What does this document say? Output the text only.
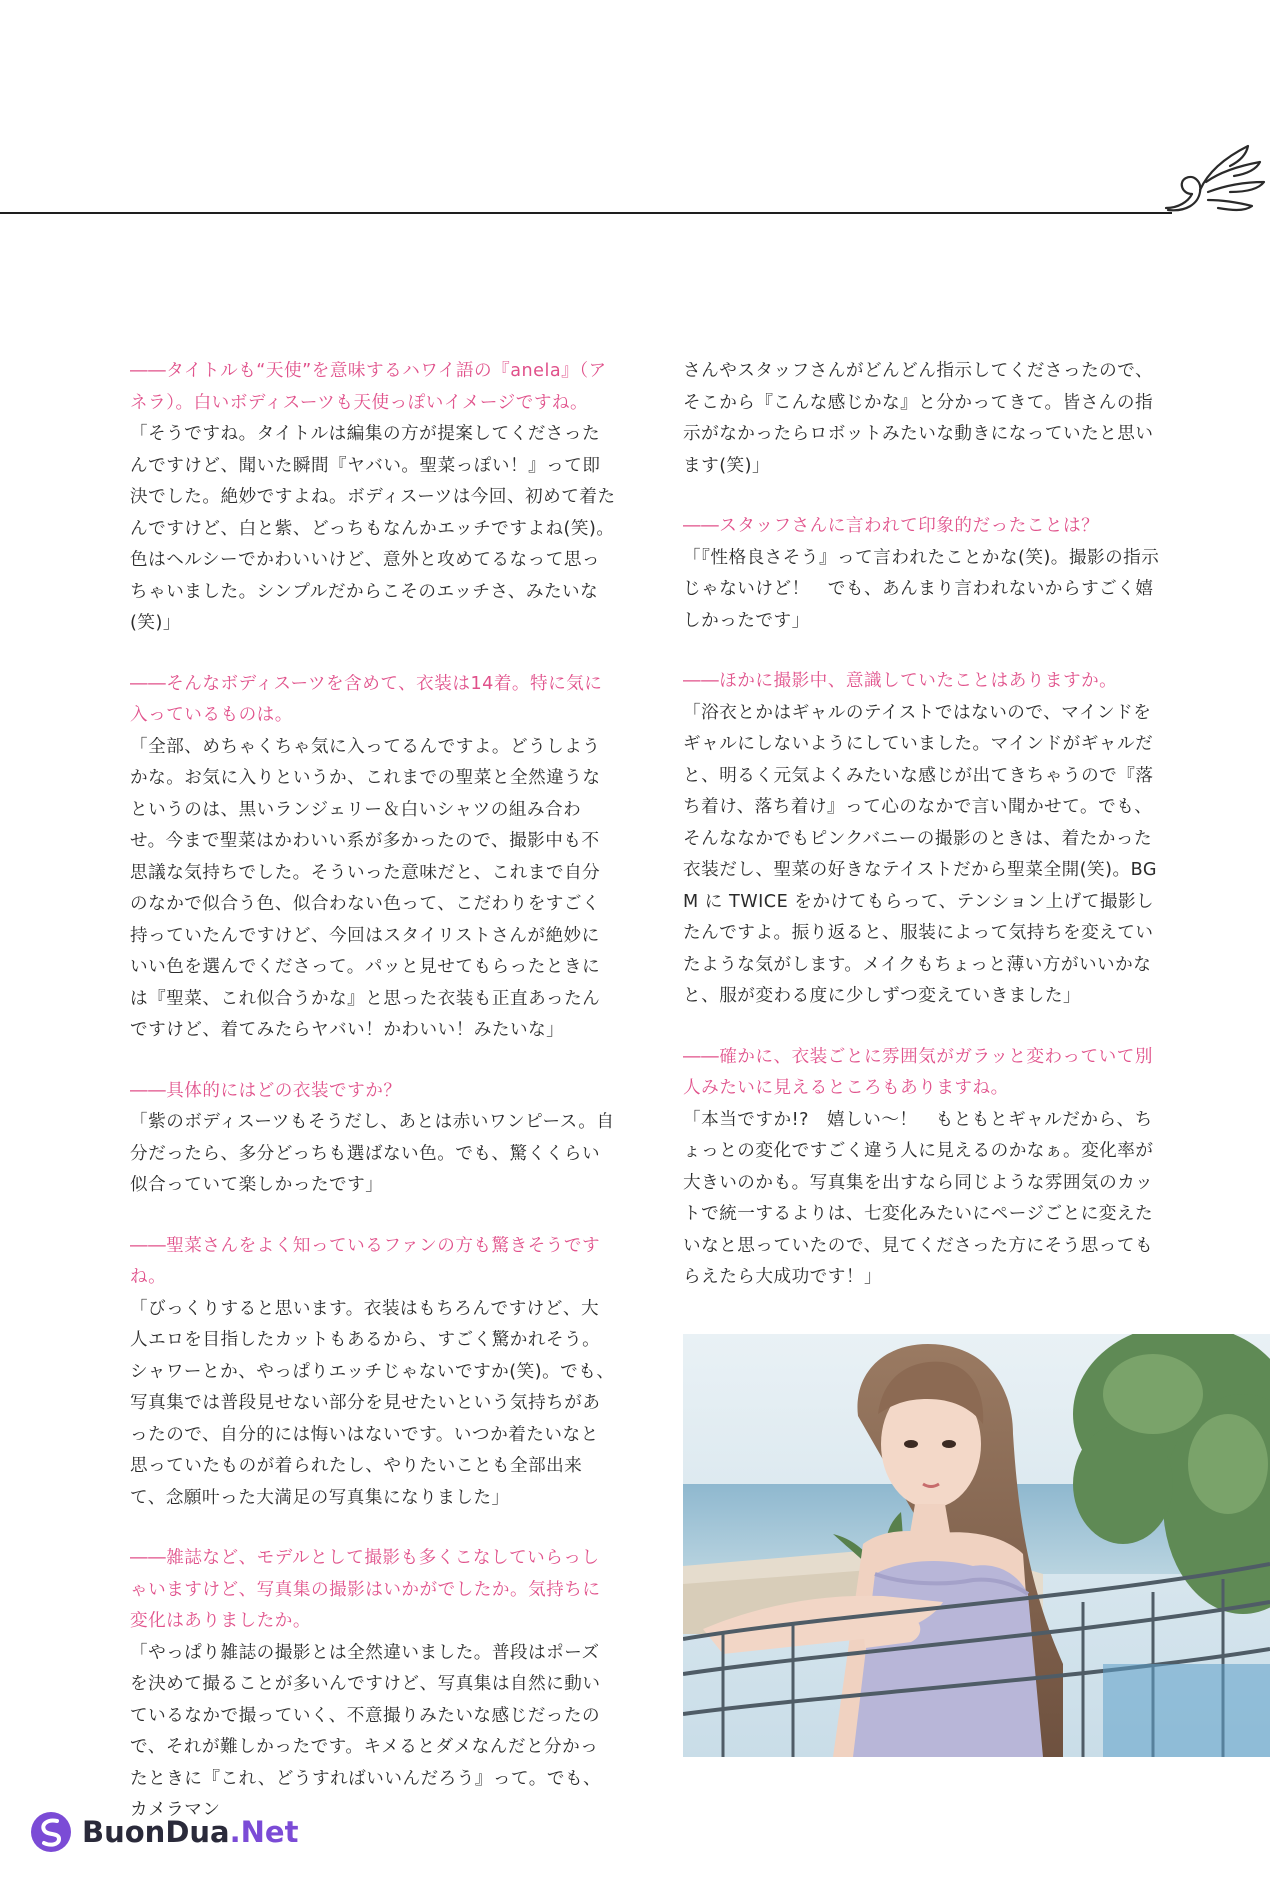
――タイトルも“天使”を意味するハワイ語の『anela』（アネラ）。白いボディスーツも天使っぽいイメージですね。

「そうですね。タイトルは編集の方が提案してくださったんですけど、聞いた瞬間『ヤバい。聖菜っぽい！』って即決でした。絶妙ですよね。ボディスーツは今回、初めて着たんですけど、白と紫、どっちもなんかエッチですよね(笑)。色はヘルシーでかわいいけど、意外と攻めてるなって思っちゃいました。シンプルだからこそのエッチさ、みたいな(笑)」

――そんなボディスーツを含めて、衣装は14着。特に気に入っているものは。

「全部、めちゃくちゃ気に入ってるんですよ。どうしようかな。お気に入りというか、これまでの聖菜と全然違うなというのは、黒いランジェリー＆白いシャツの組み合わせ。今まで聖菜はかわいい系が多かったので、撮影中も不思議な気持ちでした。そういった意味だと、これまで自分のなかで似合う色、似合わない色って、こだわりをすごく持っていたんですけど、今回はスタイリストさんが絶妙にいい色を選んでくださって。パッと見せてもらったときには『聖菜、これ似合うかな』と思った衣装も正直あったんですけど、着てみたらヤバい！かわいい！みたいな」

――具体的にはどの衣装ですか？

「紫のボディスーツもそうだし、あとは赤いワンピース。自分だったら、多分どっちも選ばない色。でも、驚くくらい似合っていて楽しかったです」

――聖菜さんをよく知っているファンの方も驚きそうですね。

「びっくりすると思います。衣装はもちろんですけど、大人エロを目指したカットもあるから、すごく驚かれそう。シャワーとか、やっぱりエッチじゃないですか(笑)。でも、写真集では普段見せない部分を見せたいという気持ちがあったので、自分的には悔いはないです。いつか着たいなと思っていたものが着られたし、やりたいことも全部出来て、念願叶った大満足の写真集になりました」

――雑誌など、モデルとして撮影も多くこなしていらっしゃいますけど、写真集の撮影はいかがでしたか。気持ちに変化はありましたか。

「やっぱり雑誌の撮影とは全然違いました。普段はポーズを決めて撮ることが多いんですけど、写真集は自然に動いているなかで撮っていく、不意撮りみたいな感じだったので、それが難しかったです。キメるとダメなんだと分かったときに『これ、どうすればいいんだろう』って。でも、カメラマン

さんやスタッフさんがどんどん指示してくださったので、そこから『こんな感じかな』と分かってきて。皆さんの指示がなかったらロボットみたいな動きになっていたと思います(笑)」

――スタッフさんに言われて印象的だったことは？

「『性格良さそう』って言われたことかな(笑)。撮影の指示じゃないけど！　でも、あんまり言われないからすごく嬉しかったです」

――ほかに撮影中、意識していたことはありますか。

「浴衣とかはギャルのテイストではないので、マインドをギャルにしないようにしていました。マインドがギャルだと、明るく元気よくみたいな感じが出てきちゃうので『落ち着け、落ち着け』って心のなかで言い聞かせて。でも、そんななかでもピンクバニーの撮影のときは、着たかった衣装だし、聖菜の好きなテイストだから聖菜全開(笑)。BGM に TWICE をかけてもらって、テンション上げて撮影したんですよ。振り返ると、服装によって気持ちを変えていたような気がします。メイクもちょっと薄い方がいいかなと、服が変わる度に少しずつ変えていきました」

――確かに、衣装ごとに雰囲気がガラッと変わっていて別人みたいに見えるところもありますね。

「本当ですか!?　嬉しい～！　もともとギャルだから、ちょっとの変化ですごく違う人に見えるのかなぁ。変化率が大きいのかも。写真集を出すなら同じような雰囲気のカットで統一するよりは、七変化みたいにページごとに変えたいなと思っていたので、見てくださった方にそう思ってもらえたら大成功です！」

BuonDua.Net
